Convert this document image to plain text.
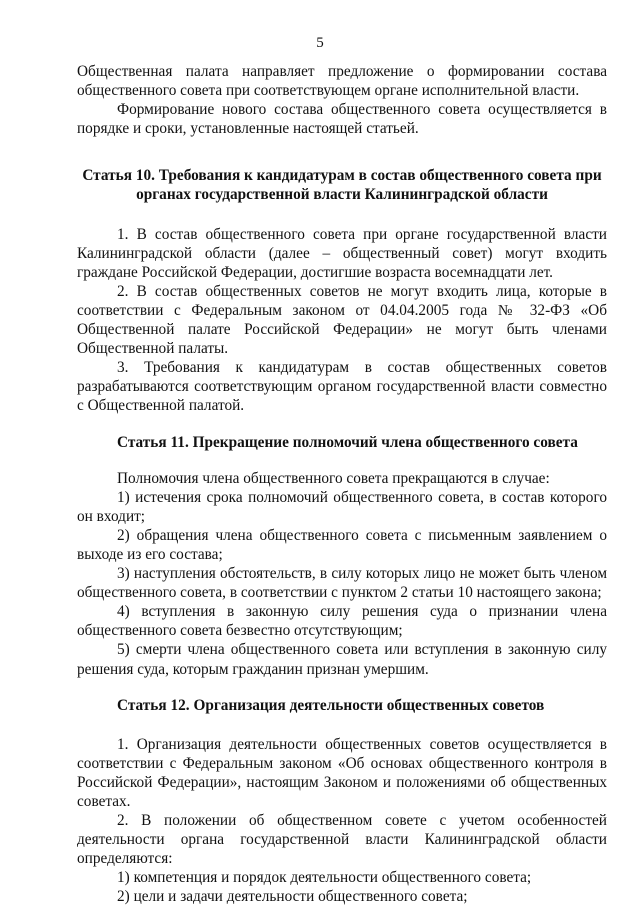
5

Общественная палата направляет предложение о формировании состава общественного совета при соответствующем органе исполнительной власти.

Формирование нового состава общественного совета осуществляется в порядке и сроки, установленные настоящей статьей.

Статья 10. Требования к кандидатурам в состав общественного совета при органах государственной власти Калининградской области

1. В состав общественного совета при органе государственной власти Калининградской области (далее – общественный совет) могут входить граждане Российской Федерации, достигшие возраста восемнадцати лет.

2. В состав общественных советов не могут входить лица, которые в соответствии с Федеральным законом от 04.04.2005 года № 32-ФЗ «Об Общественной палате Российской Федерации» не могут быть членами Общественной палаты.

3. Требования к кандидатурам в состав общественных советов разрабатываются соответствующим органом государственной власти совместно с Общественной палатой.

Статья 11. Прекращение полномочий члена общественного совета

Полномочия члена общественного совета прекращаются в случае:

1) истечения срока полномочий общественного совета, в состав которого он входит;

2) обращения члена общественного совета с письменным заявлением о выходе из его состава;

3) наступления обстоятельств, в силу которых лицо не может быть членом общественного совета, в соответствии с пунктом 2 статьи 10 настоящего закона;

4) вступления в законную силу решения суда о признании члена общественного совета безвестно отсутствующим;

5) смерти члена общественного совета или вступления в законную силу решения суда, которым гражданин признан умершим.

Статья 12. Организация деятельности общественных советов

1. Организация деятельности общественных советов осуществляется в соответствии с Федеральным законом «Об основах общественного контроля в Российской Федерации», настоящим Законом и положениями об общественных советах.

2. В положении об общественном совете с учетом особенностей деятельности органа государственной власти Калининградской области определяются:

1) компетенция и порядок деятельности общественного совета;

2) цели и задачи деятельности общественного совета;
